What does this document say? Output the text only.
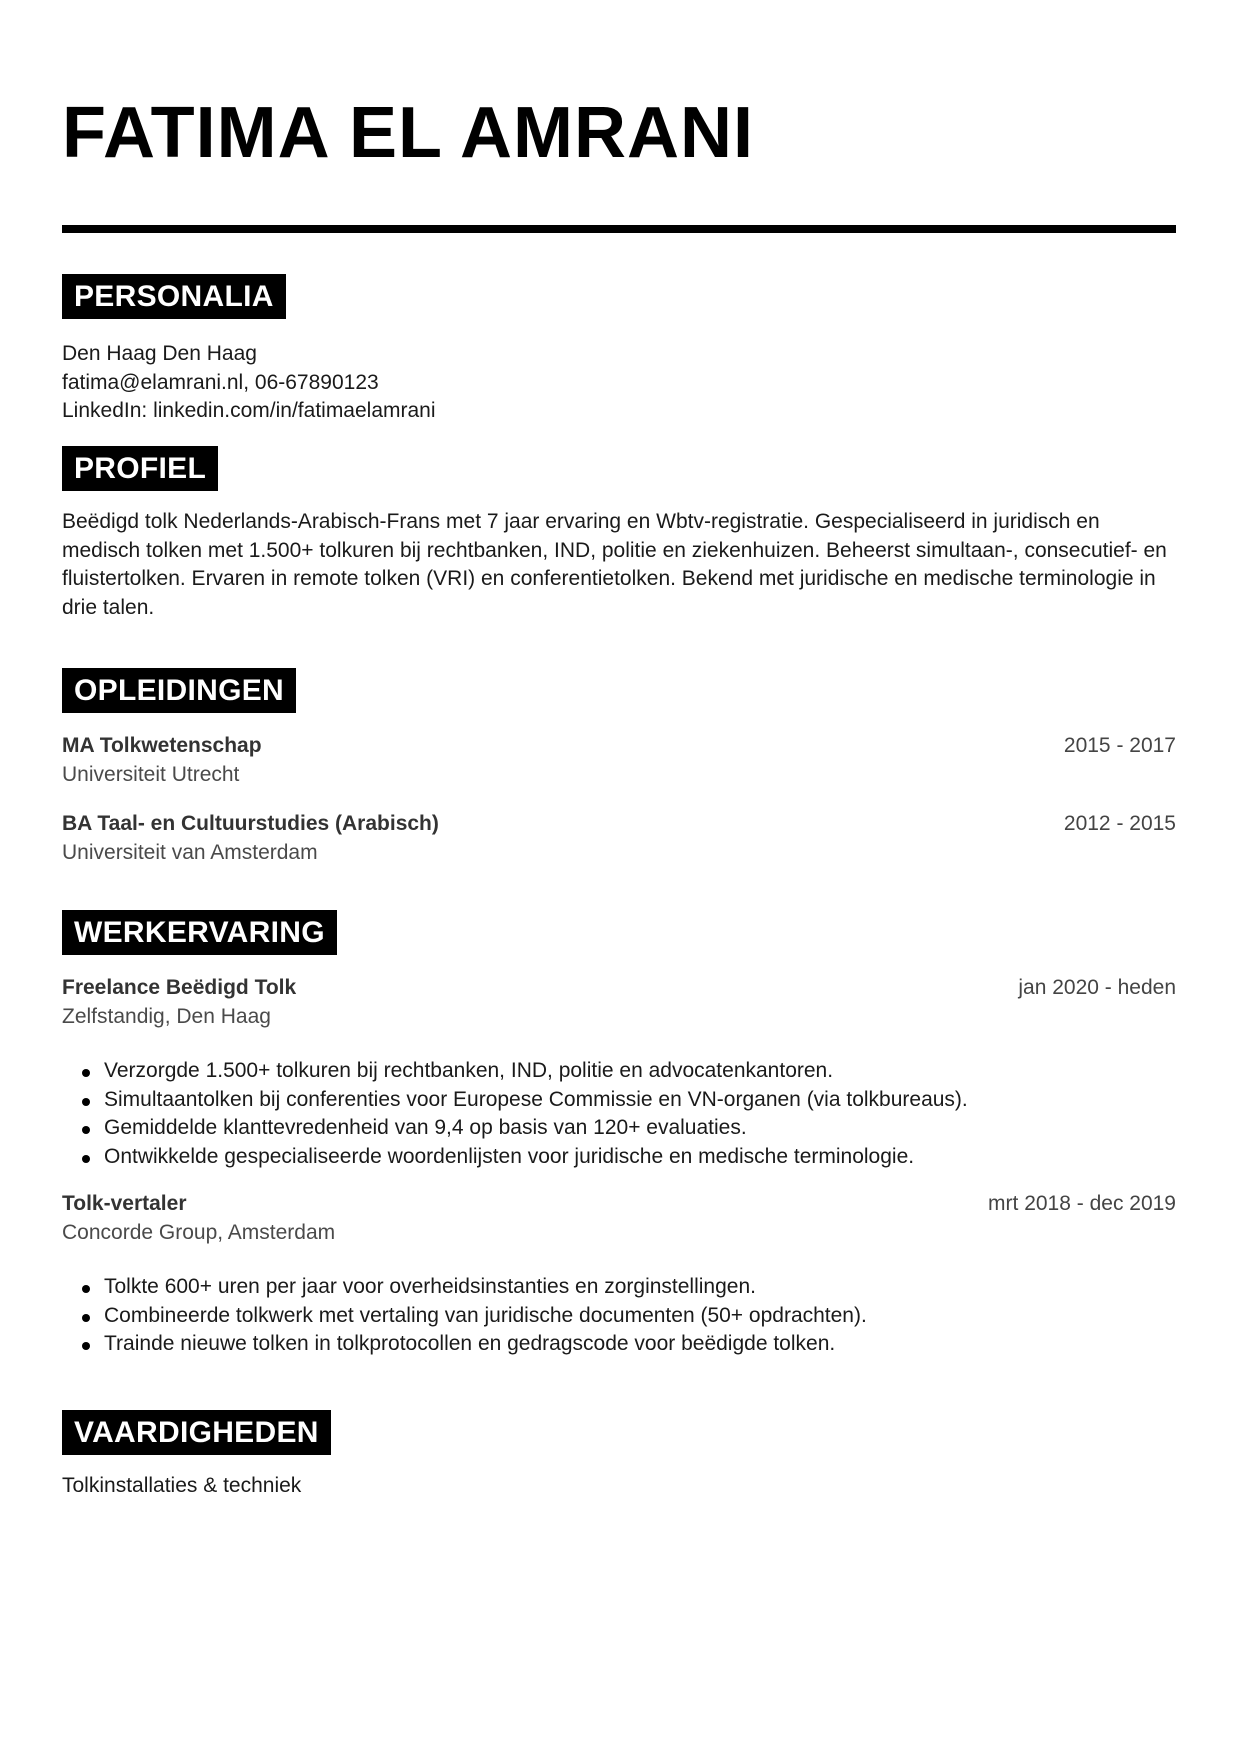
FATIMA EL AMRANI
PERSONALIA
Den Haag Den Haag
fatima@elamrani.nl, 06-67890123
LinkedIn: linkedin.com/in/fatimaelamrani
PROFIEL
Beëdigd tolk Nederlands-Arabisch-Frans met 7 jaar ervaring en Wbtv-registratie. Gespecialiseerd in juridisch en medisch tolken met 1.500+ tolkuren bij rechtbanken, IND, politie en ziekenhuizen. Beheerst simultaan-, consecutief- en fluistertolken. Ervaren in remote tolken (VRI) en conferentietolken. Bekend met juridische en medische terminologie in drie talen.
OPLEIDINGEN
MA Tolkwetenschap	2015 - 2017
Universiteit Utrecht
BA Taal- en Cultuurstudies (Arabisch)	2012 - 2015
Universiteit van Amsterdam
WERKERVARING
Freelance Beëdigd Tolk	jan 2020 - heden
Zelfstandig, Den Haag
Verzorgde 1.500+ tolkuren bij rechtbanken, IND, politie en advocatenkantoren.
Simultaantolken bij conferenties voor Europese Commissie en VN-organen (via tolkbureaus).
Gemiddelde klanttevredenheid van 9,4 op basis van 120+ evaluaties.
Ontwikkelde gespecialiseerde woordenlijsten voor juridische en medische terminologie.
Tolk-vertaler	mrt 2018 - dec 2019
Concorde Group, Amsterdam
Tolkte 600+ uren per jaar voor overheidsinstanties en zorginstellingen.
Combineerde tolkwerk met vertaling van juridische documenten (50+ opdrachten).
Trainde nieuwe tolken in tolkprotocollen en gedragscode voor beëdigde tolken.
VAARDIGHEDEN
Tolkinstallaties & techniek
